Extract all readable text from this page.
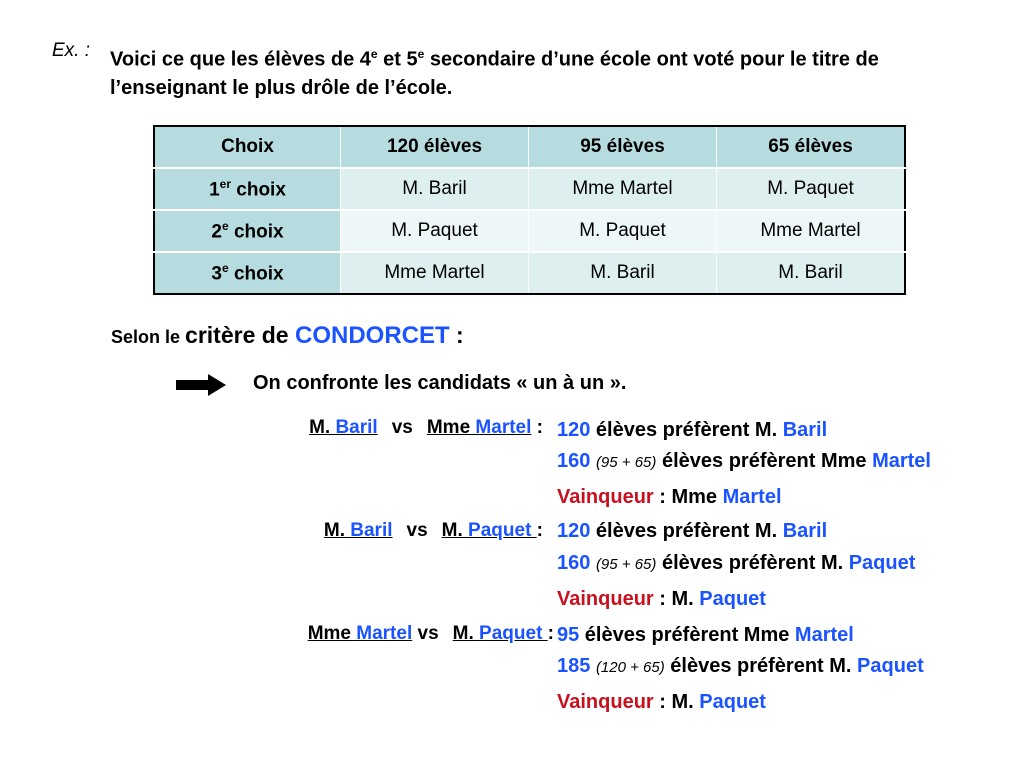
Ex. : Voici ce que les élèves de 4e et 5e secondaire d’une école ont voté pour le titre de l’enseignant le plus drôle de l’école.
Choix	120 élèves	95 élèves	65 élèves
1er choix	M. Baril	Mme Martel	M. Paquet
2e choix	M. Paquet	M. Paquet	Mme Martel
3e choix	Mme Martel	M. Baril	M. Baril
Selon le critère de CONDORCET :
On confronte les candidats « un à un ».
M. Baril vs Mme Martel : 120 élèves préfèrent M. Baril
160 (95 + 65) élèves préfèrent Mme Martel
Vainqueur : Mme Martel
M. Baril vs M. Paquet : 120 élèves préfèrent M. Baril
160 (95 + 65) élèves préfèrent M. Paquet
Vainqueur : M. Paquet
Mme Martel vs M. Paquet : 95 élèves préfèrent Mme Martel
185 (120 + 65) élèves préfèrent M. Paquet
Vainqueur : M. Paquet
